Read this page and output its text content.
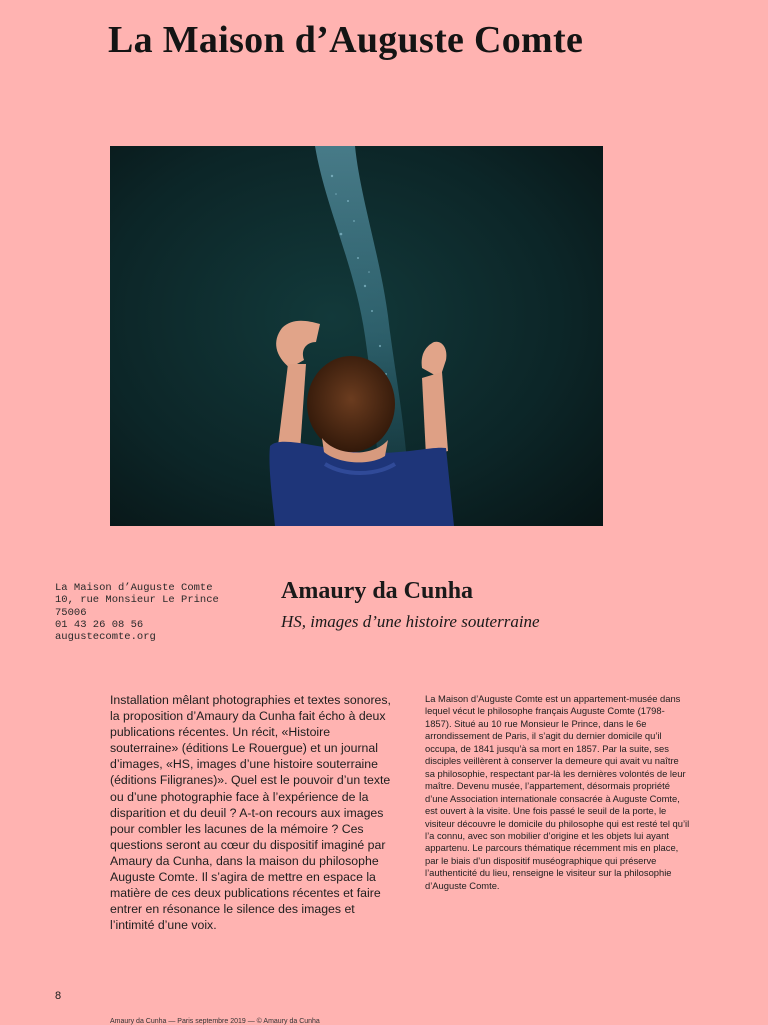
La Maison d’Auguste Comte
La Maison d’Auguste Comte
10, rue Monsieur Le Prince
75006
01 43 26 08 56
augustecomte.org
Amaury da Cunha

HS, images d’une histoire souterraine

Installation mêlant photographies et textes sonores, la proposition d’Amaury da Cunha fait écho à deux publications récentes. Un récit, «Histoire souterraine» (éditions Le Rouergue) et un journal d’images, «HS, images d’une histoire souterraine (éditions Filigranes)». Quel est le pouvoir d’un texte ou d’une photographie face à l’expérience de la disparition et du deuil ? A-t-on recours aux images pour combler les lacunes de la mémoire ? Ces questions seront au cœur du dispositif imaginé par Amaury da Cunha, dans la maison du philosophe Auguste Comte. Il s’agira de mettre en espace la matière de ces deux publications récentes et faire entrer en résonance le silence des images et l’intimité d’une voix.

La Maison d’Auguste Comte est un appartement-musée dans lequel vécut le philosophe français Auguste Comte (1798-1857). Situé au 10 rue Monsieur le Prince, dans le 6e arrondissement de Paris, il s’agit du dernier domicile qu’il occupa, de 1841 jusqu’à sa mort en 1857. Par la suite, ses disciples veillèrent à conserver la demeure qui avait vu naître sa philosophie, respectant par-là les dernières volontés de leur maître. Devenu musée, l’appartement, désormais propriété d’une Association internationale consacrée à Auguste Comte, est ouvert à la visite. Une fois passé le seuil de la porte, le visiteur découvre le domicile du philosophe qui est resté tel qu’il l’a connu, avec son mobilier d’origine et les objets lui ayant appartenu. Le parcours thématique récemment mis en place, par le biais d’un dispositif muséographique qui préserve l’authenticité du lieu, renseigne le visiteur sur la philosophie d’Auguste Comte.

8
Amaury da Cunha — Paris septembre 2019 — © Amaury da Cunha
